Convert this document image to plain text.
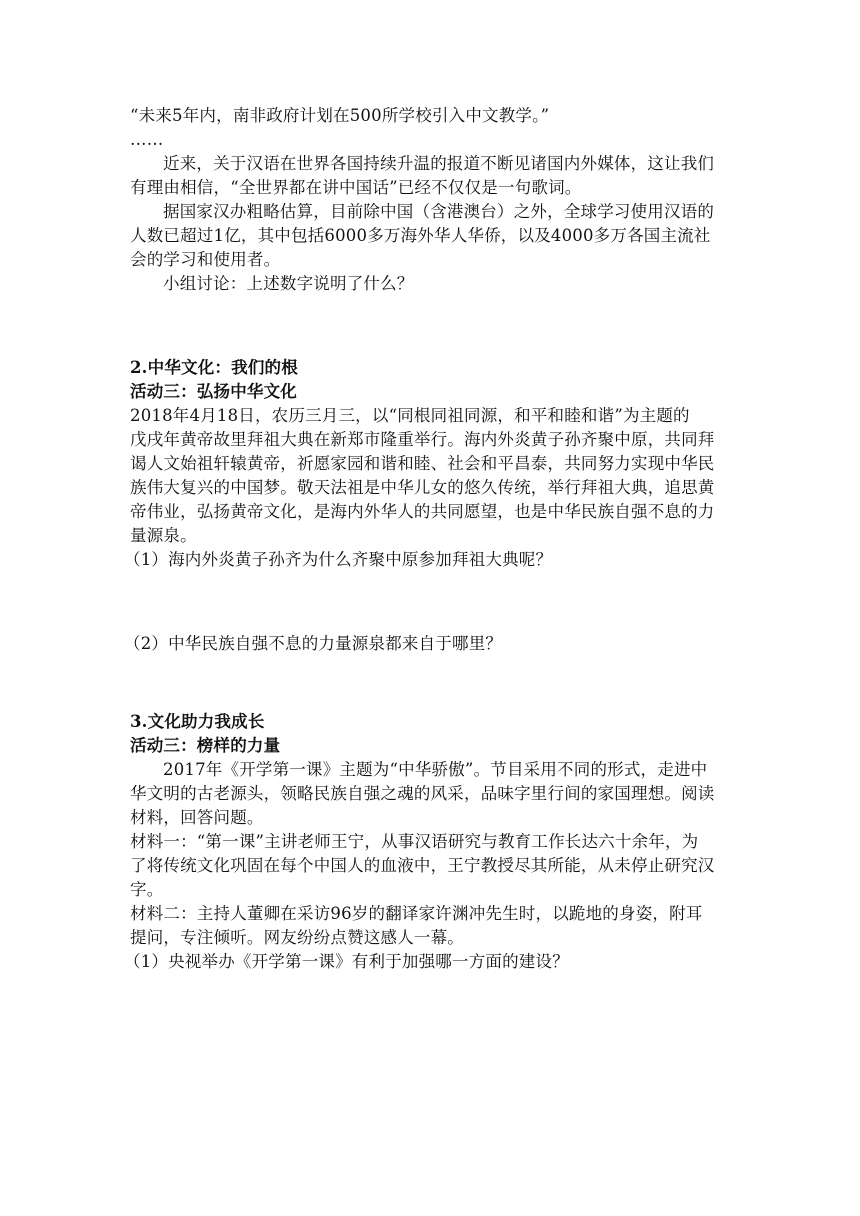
“未来5年内，南非政府计划在500所学校引入中文教学。”
……
近来，关于汉语在世界各国持续升温的报道不断见诸国内外媒体，这让我们
有理由相信，“全世界都在讲中国话”已经不仅仅是一句歌词。
据国家汉办粗略估算，目前除中国（含港澳台）之外，全球学习使用汉语的
人数已超过1亿，其中包括6000多万海外华人华侨，以及4000多万各国主流社
会的学习和使用者。
小组讨论：上述数字说明了什么？
2.中华文化：我们的根
活动三：弘扬中华文化
2018年4月18日，农历三月三，以“同根同祖同源，和平和睦和谐”为主题的
戊戌年黄帝故里拜祖大典在新郑市隆重举行。海内外炎黄子孙齐聚中原，共同拜
谒人文始祖轩辕黄帝，祈愿家园和谐和睦、社会和平昌泰，共同努力实现中华民
族伟大复兴的中国梦。敬天法祖是中华儿女的悠久传统，举行拜祖大典，追思黄
帝伟业，弘扬黄帝文化，是海内外华人的共同愿望，也是中华民族自强不息的力
量源泉。
（1）海内外炎黄子孙齐为什么齐聚中原参加拜祖大典呢？
（2）中华民族自强不息的力量源泉都来自于哪里？
3.文化助力我成长
活动三：榜样的力量
2017年《开学第一课》主题为“中华骄傲”。节目采用不同的形式，走进中
华文明的古老源头，领略民族自强之魂的风采，品味字里行间的家国理想。阅读
材料，回答问题。
材料一：“第一课”主讲老师王宁，从事汉语研究与教育工作长达六十余年，为
了将传统文化巩固在每个中国人的血液中，王宁教授尽其所能，从未停止研究汉
字。
材料二：主持人董卿在采访96岁的翻译家许渊冲先生时，以跪地的身姿，附耳
提问，专注倾听。网友纷纷点赞这感人一幕。
（1）央视举办《开学第一课》有利于加强哪一方面的建设？
